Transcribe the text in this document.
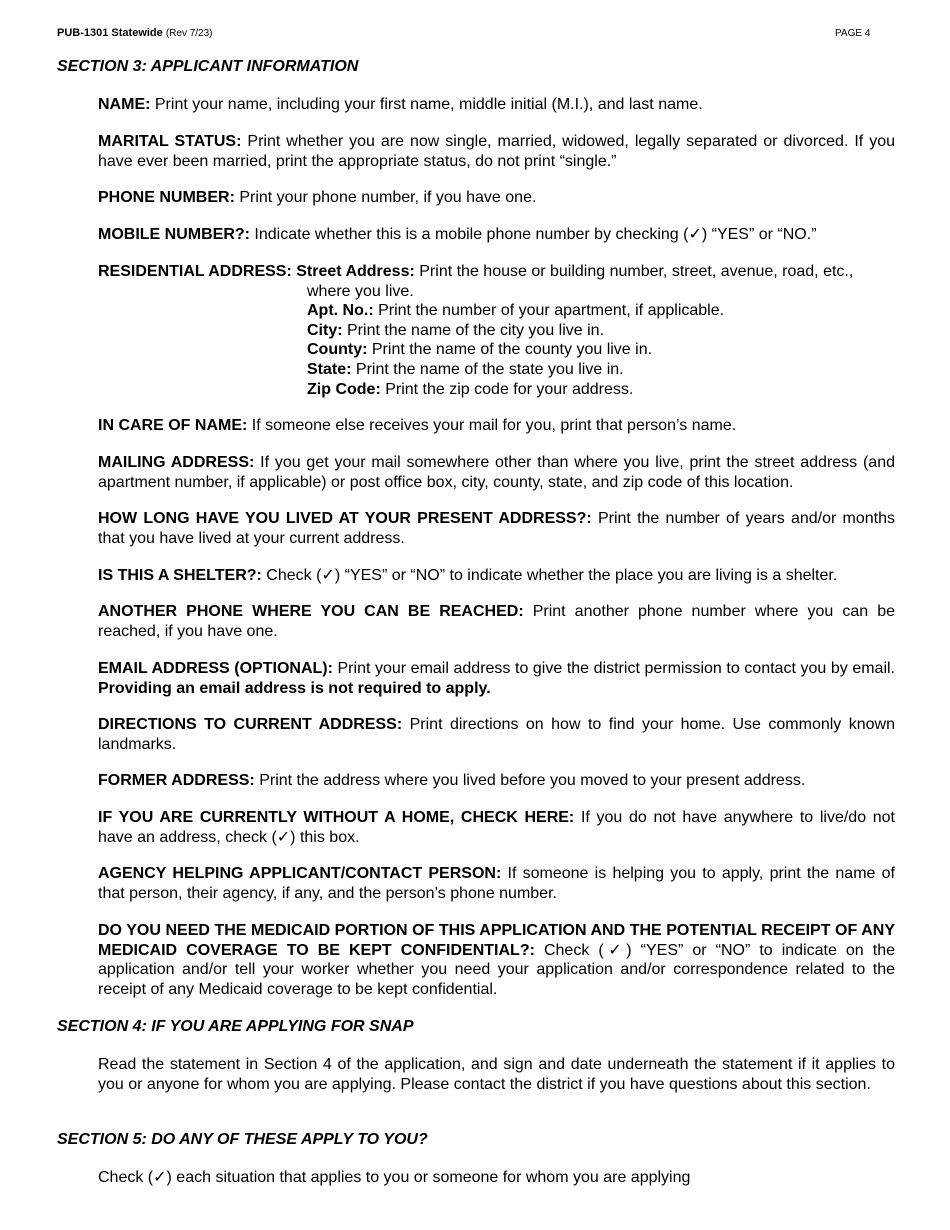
PUB-1301 Statewide (Rev 7/23)	PAGE 4
SECTION 3: APPLICANT INFORMATION
NAME: Print your name, including your first name, middle initial (M.I.), and last name.
MARITAL STATUS: Print whether you are now single, married, widowed, legally separated or divorced. If you have ever been married, print the appropriate status, do not print “single.”
PHONE NUMBER: Print your phone number, if you have one.
MOBILE NUMBER?: Indicate whether this is a mobile phone number by checking (✓) “YES” or “NO.”
RESIDENTIAL ADDRESS: Street Address: Print the house or building number, street, avenue, road, etc.,
where you live.
Apt. No.: Print the number of your apartment, if applicable.
City: Print the name of the city you live in.
County: Print the name of the county you live in.
State: Print the name of the state you live in.
Zip Code: Print the zip code for your address.
IN CARE OF NAME: If someone else receives your mail for you, print that person’s name.
MAILING ADDRESS: If you get your mail somewhere other than where you live, print the street address (and apartment number, if applicable) or post office box, city, county, state, and zip code of this location.
HOW LONG HAVE YOU LIVED AT YOUR PRESENT ADDRESS?: Print the number of years and/or months that you have lived at your current address.
IS THIS A SHELTER?: Check (✓) “YES” or “NO” to indicate whether the place you are living is a shelter.
ANOTHER PHONE WHERE YOU CAN BE REACHED: Print another phone number where you can be reached, if you have one.
EMAIL ADDRESS (OPTIONAL): Print your email address to give the district permission to contact you by email. Providing an email address is not required to apply.
DIRECTIONS TO CURRENT ADDRESS: Print directions on how to find your home. Use commonly known landmarks.
FORMER ADDRESS: Print the address where you lived before you moved to your present address.
IF YOU ARE CURRENTLY WITHOUT A HOME, CHECK HERE: If you do not have anywhere to live/do not have an address, check (✓) this box.
AGENCY HELPING APPLICANT/CONTACT PERSON: If someone is helping you to apply, print the name of that person, their agency, if any, and the person’s phone number.
DO YOU NEED THE MEDICAID PORTION OF THIS APPLICATION AND THE POTENTIAL RECEIPT OF ANY MEDICAID COVERAGE TO BE KEPT CONFIDENTIAL?: Check (✓) “YES” or “NO” to indicate on the application and/or tell your worker whether you need your application and/or correspondence related to the receipt of any Medicaid coverage to be kept confidential.
SECTION 4: IF YOU ARE APPLYING FOR SNAP
Read the statement in Section 4 of the application, and sign and date underneath the statement if it applies to you or anyone for whom you are applying. Please contact the district if you have questions about this section.
SECTION 5: DO ANY OF THESE APPLY TO YOU?
Check (✓) each situation that applies to you or someone for whom you are applying
